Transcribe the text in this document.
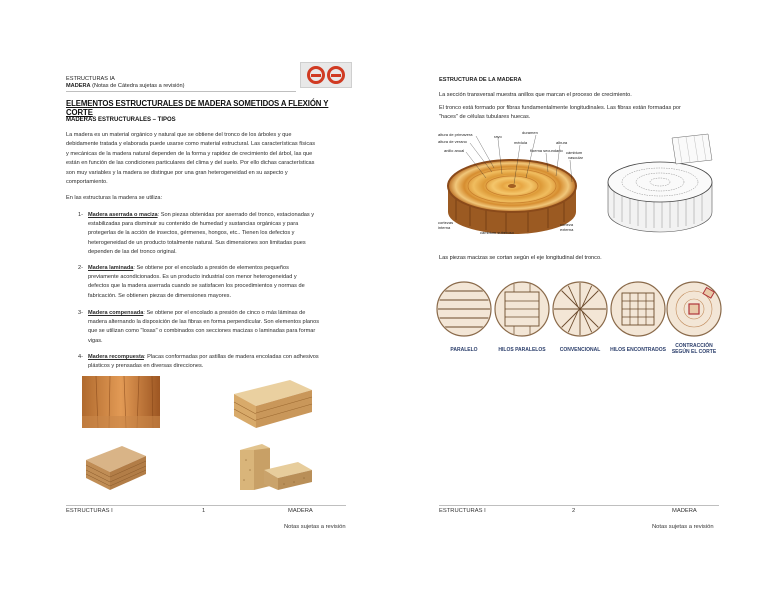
ESTRUCTURAS IA
MADERA (Notas de Cátedra sujetas a revisión)
ELEMENTOS ESTRUCTURALES DE MADERA SOMETIDOS A FLEXIÓN Y CORTE
MADERAS ESTRUCTURALES – TIPOS
La madera es un material orgánico y natural que se obtiene del tronco de los árboles y que
debidamente tratada y elaborada puede usarse como material estructural. Las características físicas
y mecánicas de la madera natural dependen de la forma y rapidez de crecimiento del árbol, las que
están en función de las condiciones particulares del clima y del suelo. Por ello dichas características
son muy variables y la madera se distingue por una gran heterogeneidad en su aspecto y
comportamiento.
En las estructuras la madera se utiliza:
1- Madera aserrada o maciza: Son piezas obtenidas por aserrado del tronco, estacionadas y
estabilizadas para disminuir su contenido de humedad y sustancias orgánicas y para
protegerlas de la acción de insectos, gérmenes, hongos, etc.. Tienen los defectos y
heterogeneidad de un producto totalmente natural. Sus dimensiones son limitadas pues
dependen de las del tronco original.
2- Madera laminada: Se obtiene por el encolado a presión de elementos pequeños
previamente acondicionados. Es un producto industrial con menor heterogeneidad y
defectos que la madera aserrada cuando se satisfacen los procedimientos y normas de
fabricación. Se obtienen piezas de dimensiones mayores.
3- Madera compensada: Se obtiene por el encolado a presión de cinco o más láminas de
madera alternando la disposición de las fibras en forma perpendicular. Son elementos planos
que se utilizan como "losas" o combinados con secciones macizas o laminadas para formar
vigas.
4- Madera recompuesta: Placas conformadas por astillas de madera encoladas con adhesivos
plásticos y prensadas en diversas direcciones.
ESTRUCTURAS I	1	MADERA
Notas sujetas a revisión
ESTRUCTURA DE LA MADERA
La sección transversal muestra anillos que marcan el proceso de crecimiento.
El tronco está formado por fibras fundamentalmente longitudinales. Las fibras están formadas por
"haces" de células tubulares huecas.
altura de primavera
altura de verano
anillo anual
rayo
médula
duramen
albura
floema secundario cámbium
vascular
cortezas
interna
cámbium suberoso
corteza
externa
Las piezas macizas se cortan según el eje longitudinal del tronco.
PARALELO	HILOS PARALELOS	CONVENCIONAL HILOS ENCONTRADOS
CONTRACCIÓN
SEGÚN EL CORTE
ESTRUCTURAS I	2	MADERA
Notas sujetas a revisión
